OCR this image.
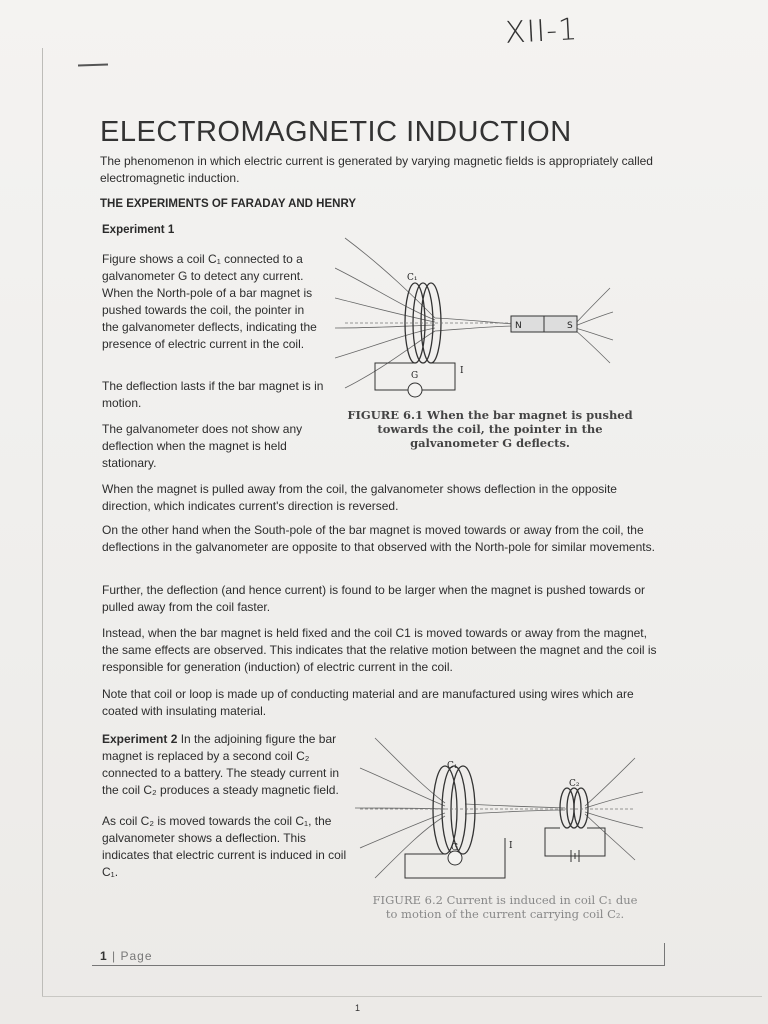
XII-1
ELECTROMAGNETIC INDUCTION
The phenomenon in which electric current is generated by varying magnetic fields is appropriately called electromagnetic induction.
THE EXPERIMENTS OF FARADAY AND HENRY
Experiment 1
Figure shows a coil C₁ connected to a galvanometer G to detect any current. When the North-pole of a bar magnet is pushed towards the coil, the pointer in the galvanometer deflects, indicating the presence of electric current in the coil.
The deflection lasts if the bar magnet is in motion.
The galvanometer does not show any deflection when the magnet is held stationary.
N	S
C₁
G	I
FIGURE 6.1 When the bar magnet is pushed towards the coil, the pointer in the galvanometer G deflects.
When the magnet is pulled away from the coil, the galvanometer shows deflection in the opposite direction, which indicates current's direction is reversed.
On the other hand when the South-pole of the bar magnet is moved towards or away from the coil, the deflections in the galvanometer are opposite to that observed with the North-pole for similar movements.
Further, the deflection (and hence current) is found to be larger when the magnet is pushed towards or pulled away from the coil faster.
Instead, when the bar magnet is held fixed and the coil C1 is moved towards or away from the magnet, the same effects are observed. This indicates that the relative motion between the magnet and the coil is responsible for generation (induction) of electric current in the coil.
Note that coil or loop is made up of conducting material and are manufactured using wires which are coated with insulating material.
Experiment 2 In the adjoining figure the bar magnet is replaced by a second coil C₂ connected to a battery. The steady current in the coil C₂ produces a steady magnetic field.
As coil C₂ is moved towards the coil C₁, the galvanometer shows a deflection. This indicates that electric current is induced in coil C₁.
C₁
C₂
G	I
FIGURE 6.2 Current is induced in coil C₁ due to motion of the current carrying coil C₂.
1 | Page
1
